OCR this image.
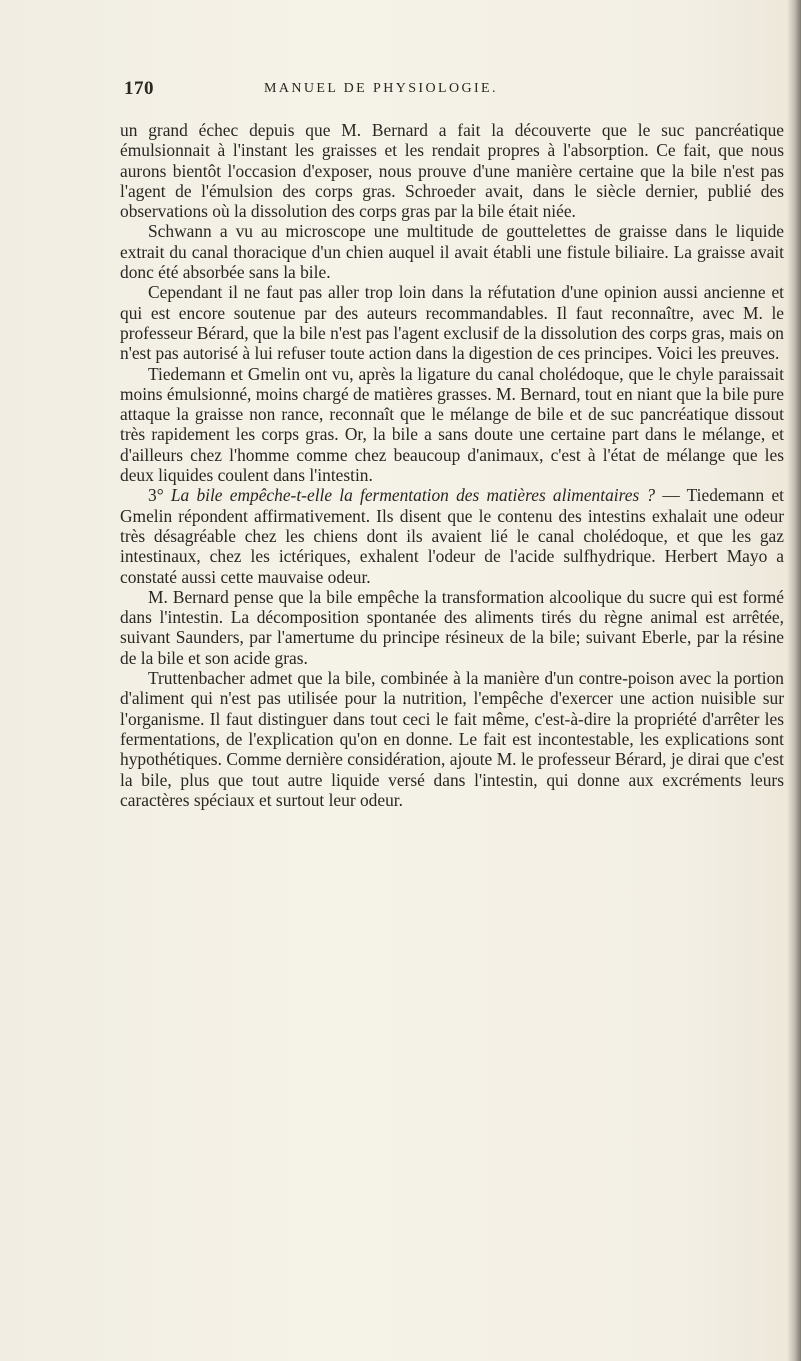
170	MANUEL DE PHYSIOLOGIE.

un grand échec depuis que M. Bernard a fait la découverte que le suc pancréatique émulsionnait à l'instant les graisses et les rendait propres à l'absorption. Ce fait, que nous aurons bientôt l'occasion d'exposer, nous prouve d'une manière certaine que la bile n'est pas l'agent de l'émulsion des corps gras. Schroeder avait, dans le siècle dernier, publié des observations où la dissolution des corps gras par la bile était niée.

Schwann a vu au microscope une multitude de gouttelettes de graisse dans le liquide extrait du canal thoracique d'un chien auquel il avait établi une fistule biliaire. La graisse avait donc été absorbée sans la bile.

Cependant il ne faut pas aller trop loin dans la réfutation d'une opinion aussi ancienne et qui est encore soutenue par des auteurs recommandables. Il faut reconnaître, avec M. le professeur Bérard, que la bile n'est pas l'agent exclusif de la dissolution des corps gras, mais on n'est pas autorisé à lui refuser toute action dans la digestion de ces principes. Voici les preuves.

Tiedemann et Gmelin ont vu, après la ligature du canal cholédoque, que le chyle paraissait moins émulsionné, moins chargé de matières grasses. M. Bernard, tout en niant que la bile pure attaque la graisse non rance, reconnaît que le mélange de bile et de suc pancréatique dissout très rapidement les corps gras. Or, la bile a sans doute une certaine part dans le mélange, et d'ailleurs chez l'homme comme chez beaucoup d'animaux, c'est à l'état de mélange que les deux liquides coulent dans l'intestin.

3° La bile empêche-t-elle la fermentation des matières alimentaires ? — Tiedemann et Gmelin répondent affirmativement. Ils disent que le contenu des intestins exhalait une odeur très désagréable chez les chiens dont ils avaient lié le canal cholédoque, et que les gaz intestinaux, chez les ictériques, exhalent l'odeur de l'acide sulfhydrique. Herbert Mayo a constaté aussi cette mauvaise odeur.

M. Bernard pense que la bile empêche la transformation alcoolique du sucre qui est formé dans l'intestin. La décomposition spontanée des aliments tirés du règne animal est arrêtée, suivant Saunders, par l'amertume du principe résineux de la bile; suivant Eberle, par la résine de la bile et son acide gras.

Truttenbacher admet que la bile, combinée à la manière d'un contre-poison avec la portion d'aliment qui n'est pas utilisée pour la nutrition, l'empêche d'exercer une action nuisible sur l'organisme. Il faut distinguer dans tout ceci le fait même, c'est-à-dire la propriété d'arrêter les fermentations, de l'explication qu'on en donne. Le fait est incontestable, les explications sont hypothétiques. Comme dernière considération, ajoute M. le professeur Bérard, je dirai que c'est la bile, plus que tout autre liquide versé dans l'intestin, qui donne aux excréments leurs caractères spéciaux et surtout leur odeur.
